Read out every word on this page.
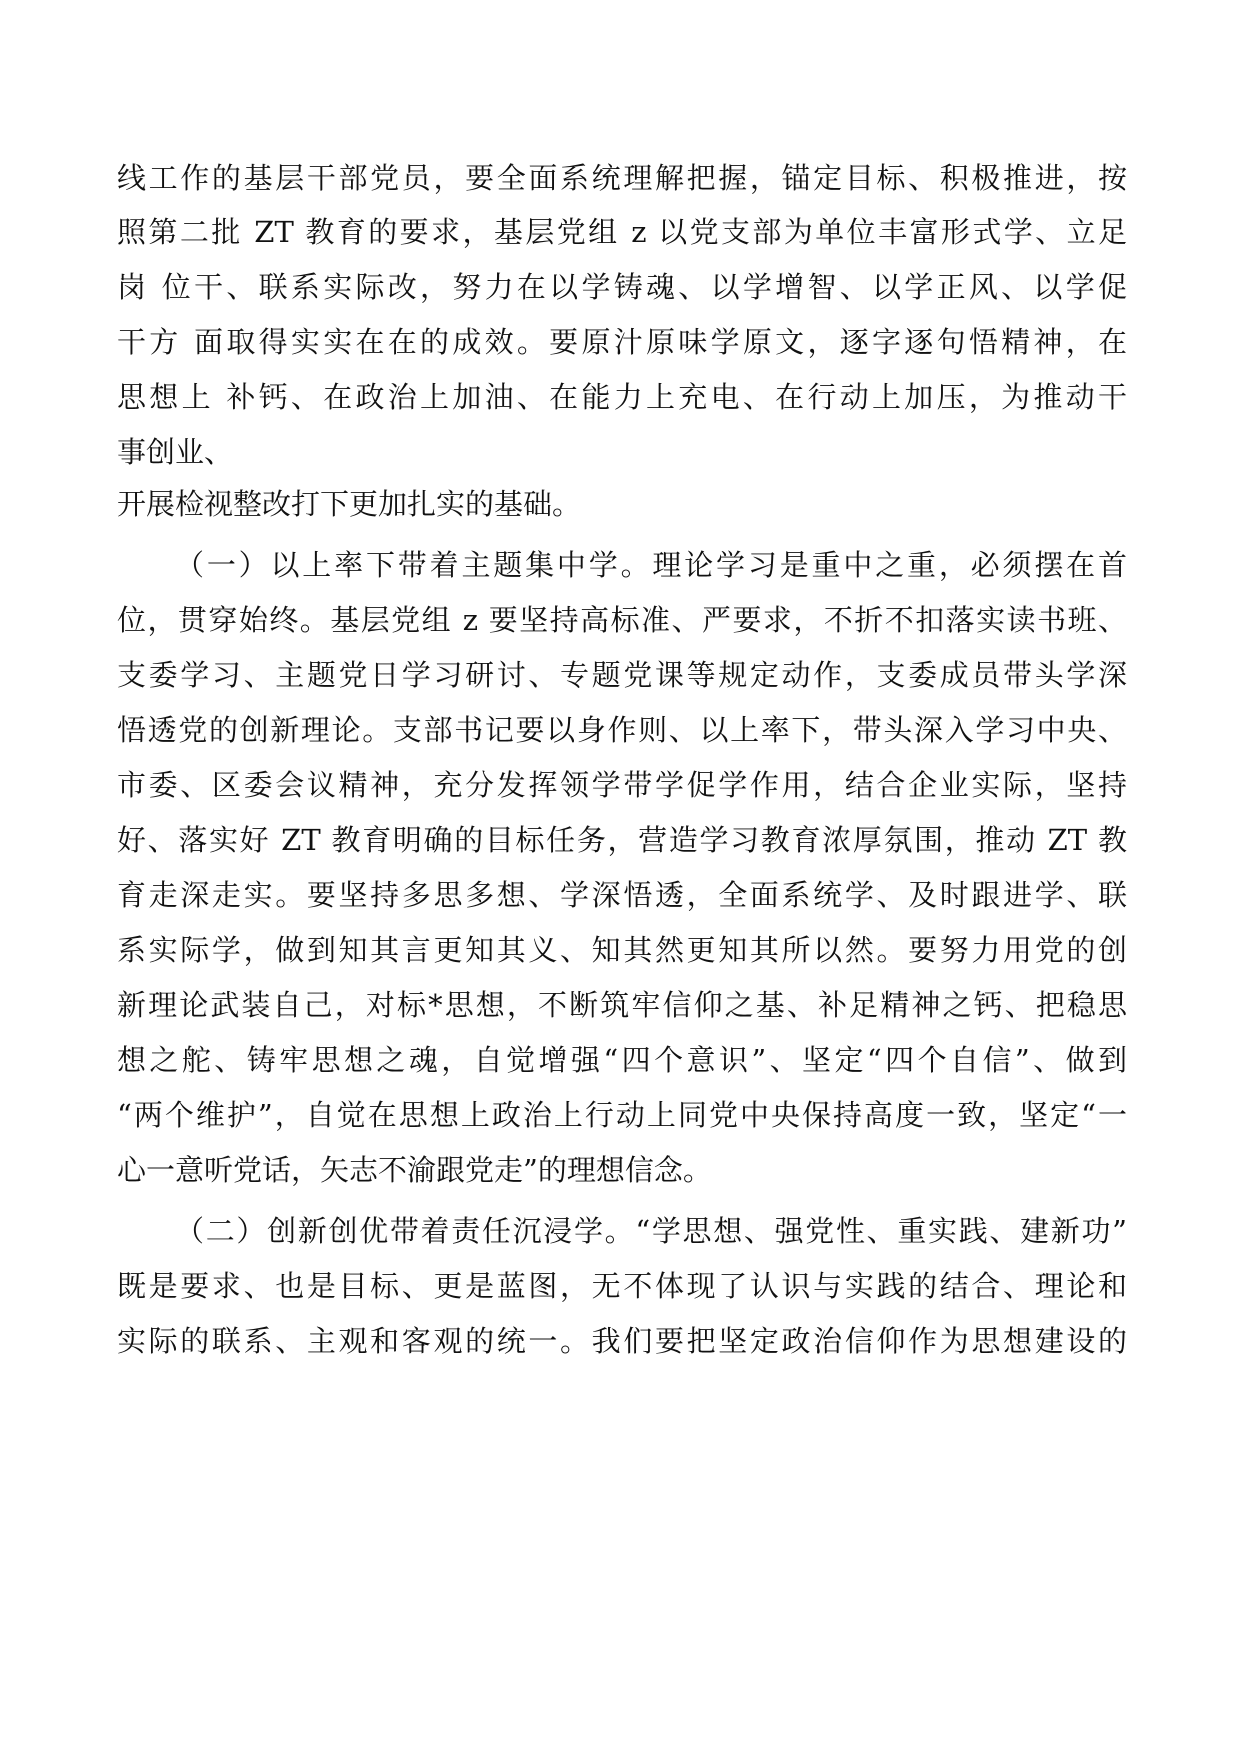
线工作的基层干部党员，要全面系统理解把握，锚定目标、积极推进，按
照第二批 ZT 教育的要求，基层党组 z 以党支部为单位丰富形式学、立足
岗 位干、联系实际改，努力在以学铸魂、以学增智、以学正风、以学促
干方 面取得实实在在的成效。要原汁原味学原文，逐字逐句悟精神，在
思想上 补钙、在政治上加油、在能力上充电、在行动上加压，为推动干
事创业、
开展检视整改打下更加扎实的基础。
（一）以上率下带着主题集中学。理论学习是重中之重，必须摆在首
位，贯穿始终。基层党组 z 要坚持高标准、严要求，不折不扣落实读书班、
支委学习、主题党日学习研讨、专题党课等规定动作，支委成员带头学深
悟透党的创新理论。支部书记要以身作则、以上率下，带头深入学习中央、
市委、区委会议精神，充分发挥领学带学促学作用，结合企业实际，坚持
好、落实好 ZT 教育明确的目标任务，营造学习教育浓厚氛围，推动 ZT 教
育走深走实。要坚持多思多想、学深悟透，全面系统学、及时跟进学、联
系实际学，做到知其言更知其义、知其然更知其所以然。要努力用党的创
新理论武装自己，对标*思想，不断筑牢信仰之基、补足精神之钙、把稳思
想之舵、铸牢思想之魂，自觉增强“四个意识”、坚定“四个自信”、做到
“两个维护”，自觉在思想上政治上行动上同党中央保持高度一致，坚定“一
心一意听党话，矢志不渝跟党走”的理想信念。
（二）创新创优带着责任沉浸学。“学思想、强党性、重实践、建新功”
既是要求、也是目标、更是蓝图，无不体现了认识与实践的结合、理论和
实际的联系、主观和客观的统一。我们要把坚定政治信仰作为思想建设的
